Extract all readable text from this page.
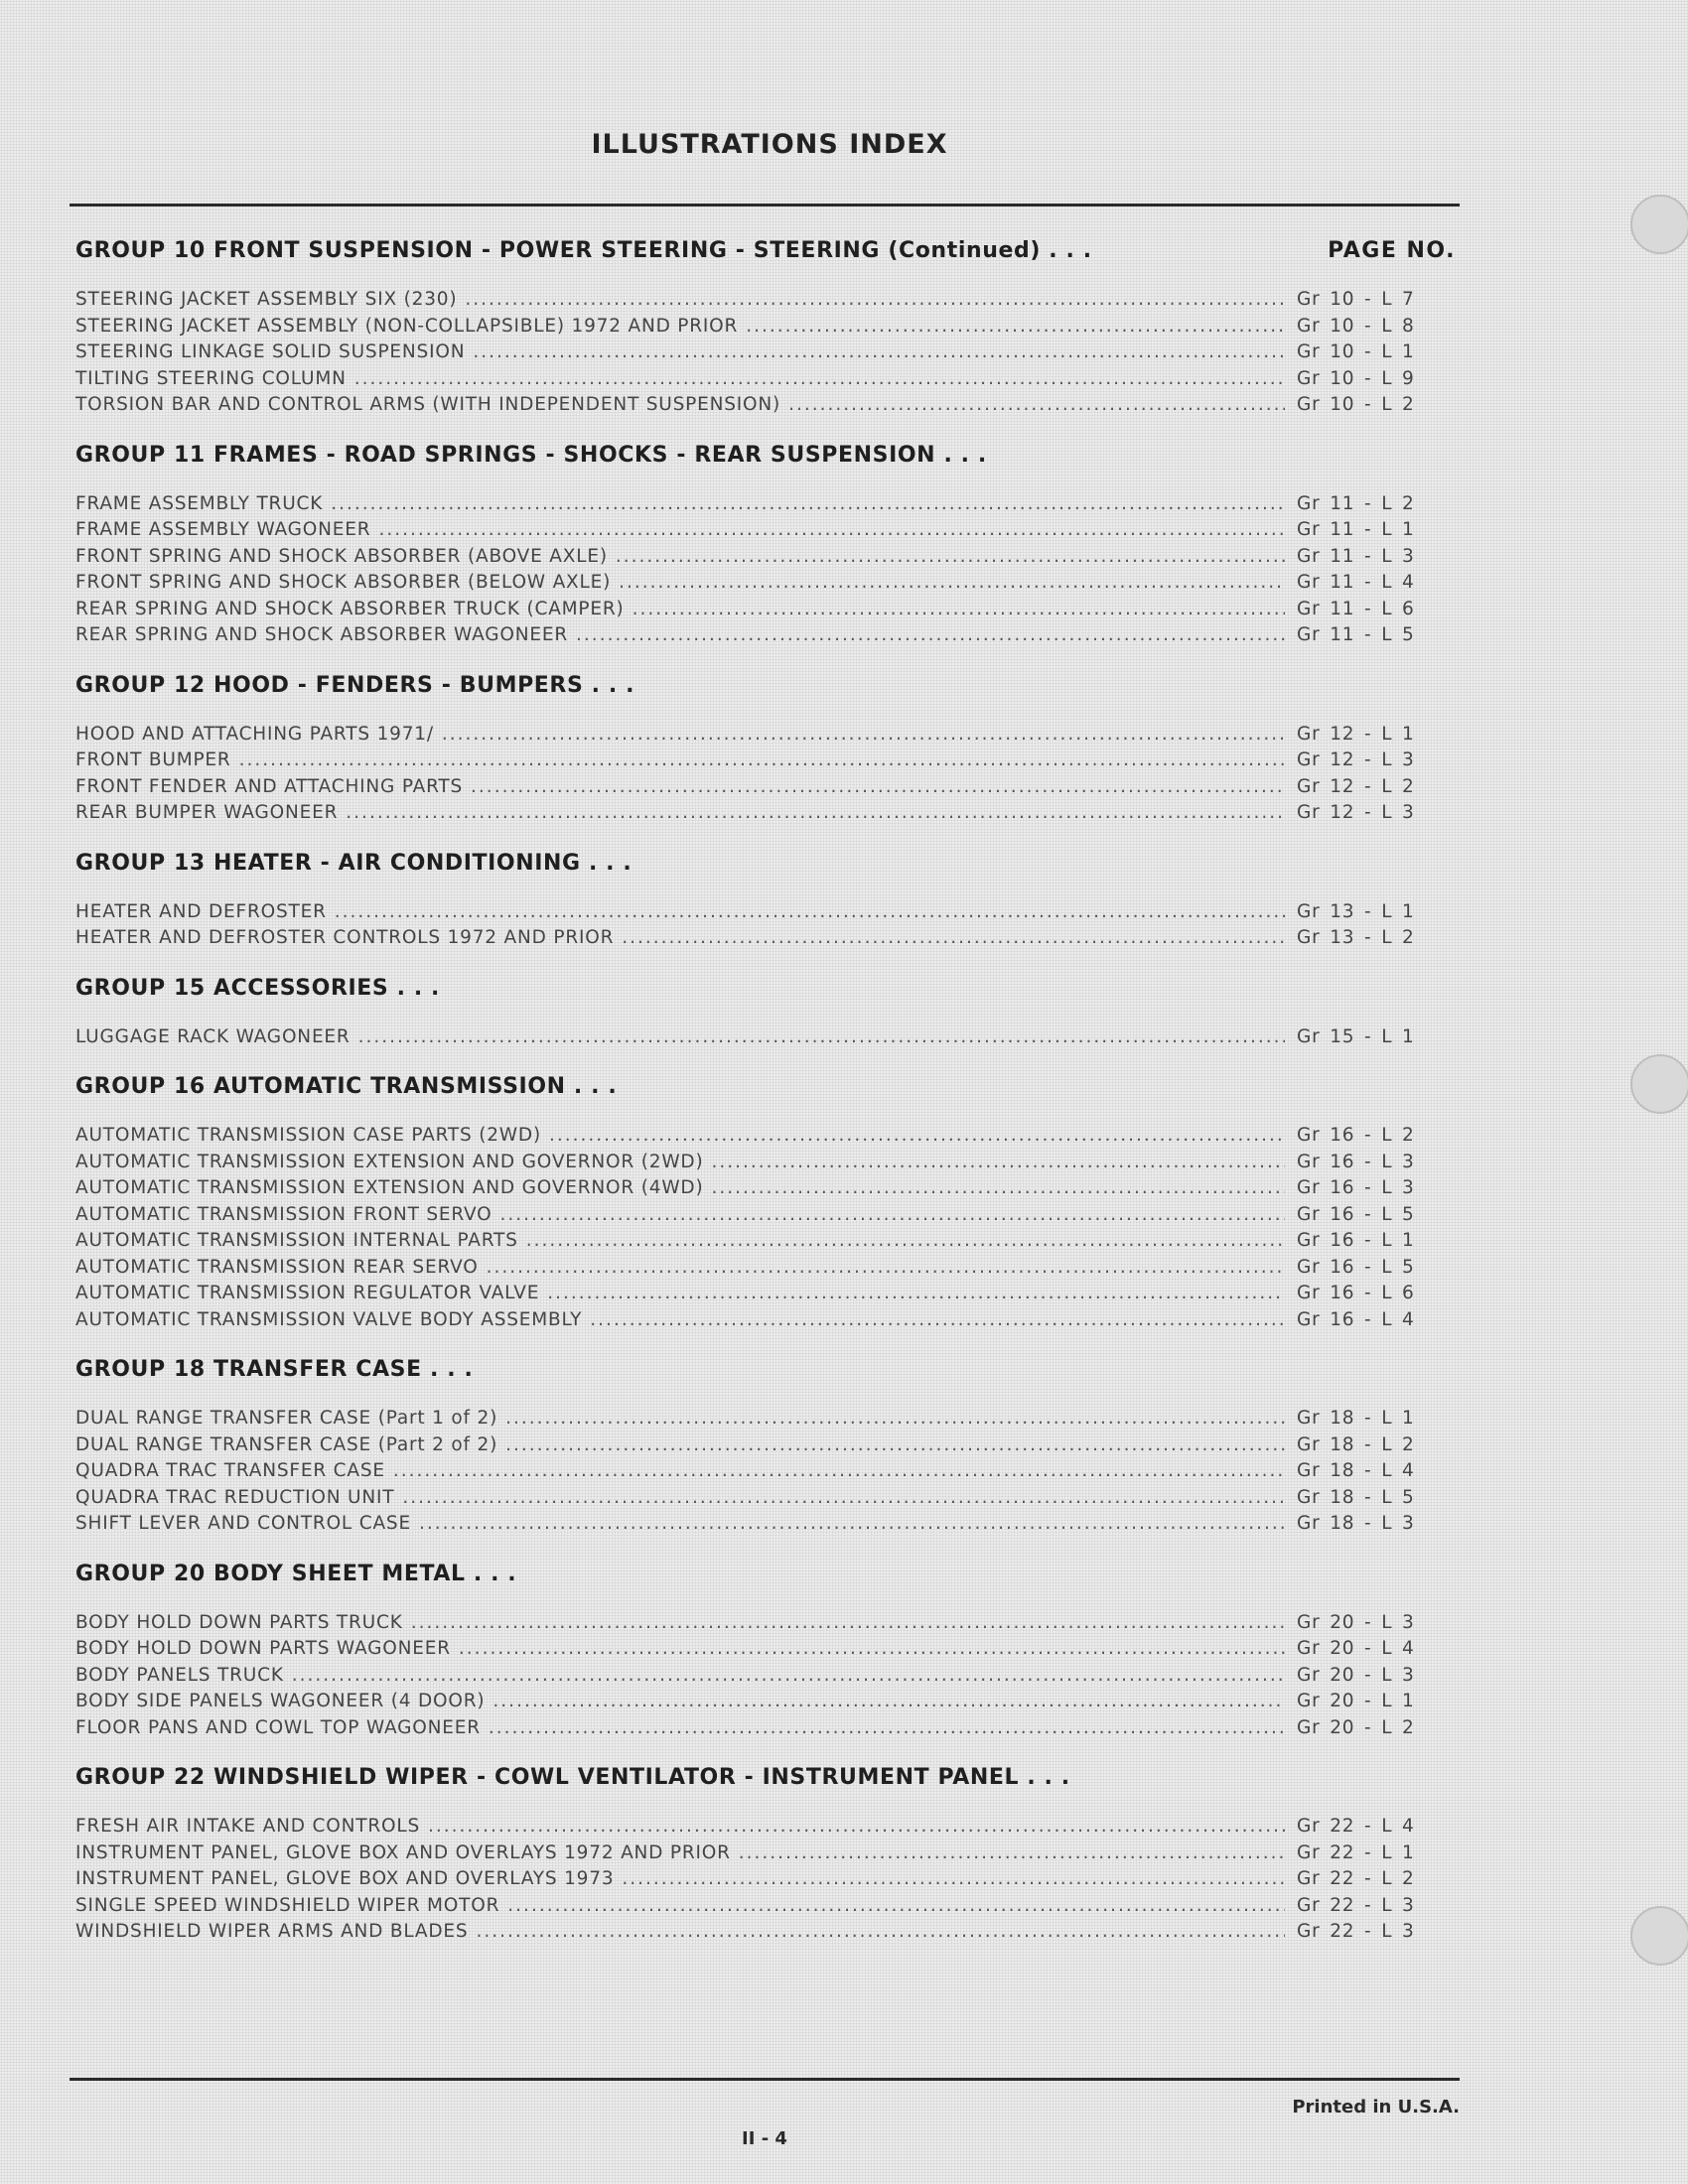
ILLUSTRATIONS INDEX
GROUP 10 FRONT SUSPENSION - POWER STEERING - STEERING (Continued) . . .	PAGE NO.
STEERING JACKET ASSEMBLY SIX (230) .....	Gr 10 - L 7
STEERING JACKET ASSEMBLY (NON-COLLAPSIBLE) 1972 AND PRIOR .....	Gr 10 - L 8
STEERING LINKAGE SOLID SUSPENSION .....	Gr 10 - L 1
TILTING STEERING COLUMN .....	Gr 10 - L 9
TORSION BAR AND CONTROL ARMS (WITH INDEPENDENT SUSPENSION) .....	Gr 10 - L 2
GROUP 11 FRAMES - ROAD SPRINGS - SHOCKS - REAR SUSPENSION . . .
FRAME ASSEMBLY TRUCK .....	Gr 11 - L 2
FRAME ASSEMBLY WAGONEER .....	Gr 11 - L 1
FRONT SPRING AND SHOCK ABSORBER (ABOVE AXLE) .....	Gr 11 - L 3
FRONT SPRING AND SHOCK ABSORBER (BELOW AXLE) .....	Gr 11 - L 4
REAR SPRING AND SHOCK ABSORBER TRUCK (CAMPER) .....	Gr 11 - L 6
REAR SPRING AND SHOCK ABSORBER WAGONEER .....	Gr 11 - L 5
GROUP 12 HOOD - FENDERS - BUMPERS . . .
HOOD AND ATTACHING PARTS 1971/ .....	Gr 12 - L 1
FRONT BUMPER .....	Gr 12 - L 3
FRONT FENDER AND ATTACHING PARTS .....	Gr 12 - L 2
REAR BUMPER WAGONEER .....	Gr 12 - L 3
GROUP 13 HEATER - AIR CONDITIONING . . .
HEATER AND DEFROSTER .....	Gr 13 - L 1
HEATER AND DEFROSTER CONTROLS 1972 AND PRIOR .....	Gr 13 - L 2
GROUP 15 ACCESSORIES . . .
LUGGAGE RACK WAGONEER .....	Gr 15 - L 1
GROUP 16 AUTOMATIC TRANSMISSION . . .
AUTOMATIC TRANSMISSION CASE PARTS (2WD) .....	Gr 16 - L 2
AUTOMATIC TRANSMISSION EXTENSION AND GOVERNOR (2WD) .....	Gr 16 - L 3
AUTOMATIC TRANSMISSION EXTENSION AND GOVERNOR (4WD) .....	Gr 16 - L 3
AUTOMATIC TRANSMISSION FRONT SERVO .....	Gr 16 - L 5
AUTOMATIC TRANSMISSION INTERNAL PARTS .....	Gr 16 - L 1
AUTOMATIC TRANSMISSION REAR SERVO .....	Gr 16 - L 5
AUTOMATIC TRANSMISSION REGULATOR VALVE .....	Gr 16 - L 6
AUTOMATIC TRANSMISSION VALVE BODY ASSEMBLY .....	Gr 16 - L 4
GROUP 18 TRANSFER CASE . . .
DUAL RANGE TRANSFER CASE (Part 1 of 2) .....	Gr 18 - L 1
DUAL RANGE TRANSFER CASE (Part 2 of 2) .....	Gr 18 - L 2
QUADRA TRAC TRANSFER CASE .....	Gr 18 - L 4
QUADRA TRAC REDUCTION UNIT .....	Gr 18 - L 5
SHIFT LEVER AND CONTROL CASE .....	Gr 18 - L 3
GROUP 20 BODY SHEET METAL . . .
BODY HOLD DOWN PARTS TRUCK .....	Gr 20 - L 3
BODY HOLD DOWN PARTS WAGONEER .....	Gr 20 - L 4
BODY PANELS TRUCK .....	Gr 20 - L 3
BODY SIDE PANELS WAGONEER (4 DOOR) .....	Gr 20 - L 1
FLOOR PANS AND COWL TOP WAGONEER .....	Gr 20 - L 2
GROUP 22 WINDSHIELD WIPER - COWL VENTILATOR - INSTRUMENT PANEL . . .
FRESH AIR INTAKE AND CONTROLS .....	Gr 22 - L 4
INSTRUMENT PANEL, GLOVE BOX AND OVERLAYS 1972 AND PRIOR .....	Gr 22 - L 1
INSTRUMENT PANEL, GLOVE BOX AND OVERLAYS 1973 .....	Gr 22 - L 2
SINGLE SPEED WINDSHIELD WIPER MOTOR .....	Gr 22 - L 3
WINDSHIELD WIPER ARMS AND BLADES .....	Gr 22 - L 3
Printed in U.S.A.
II - 4
